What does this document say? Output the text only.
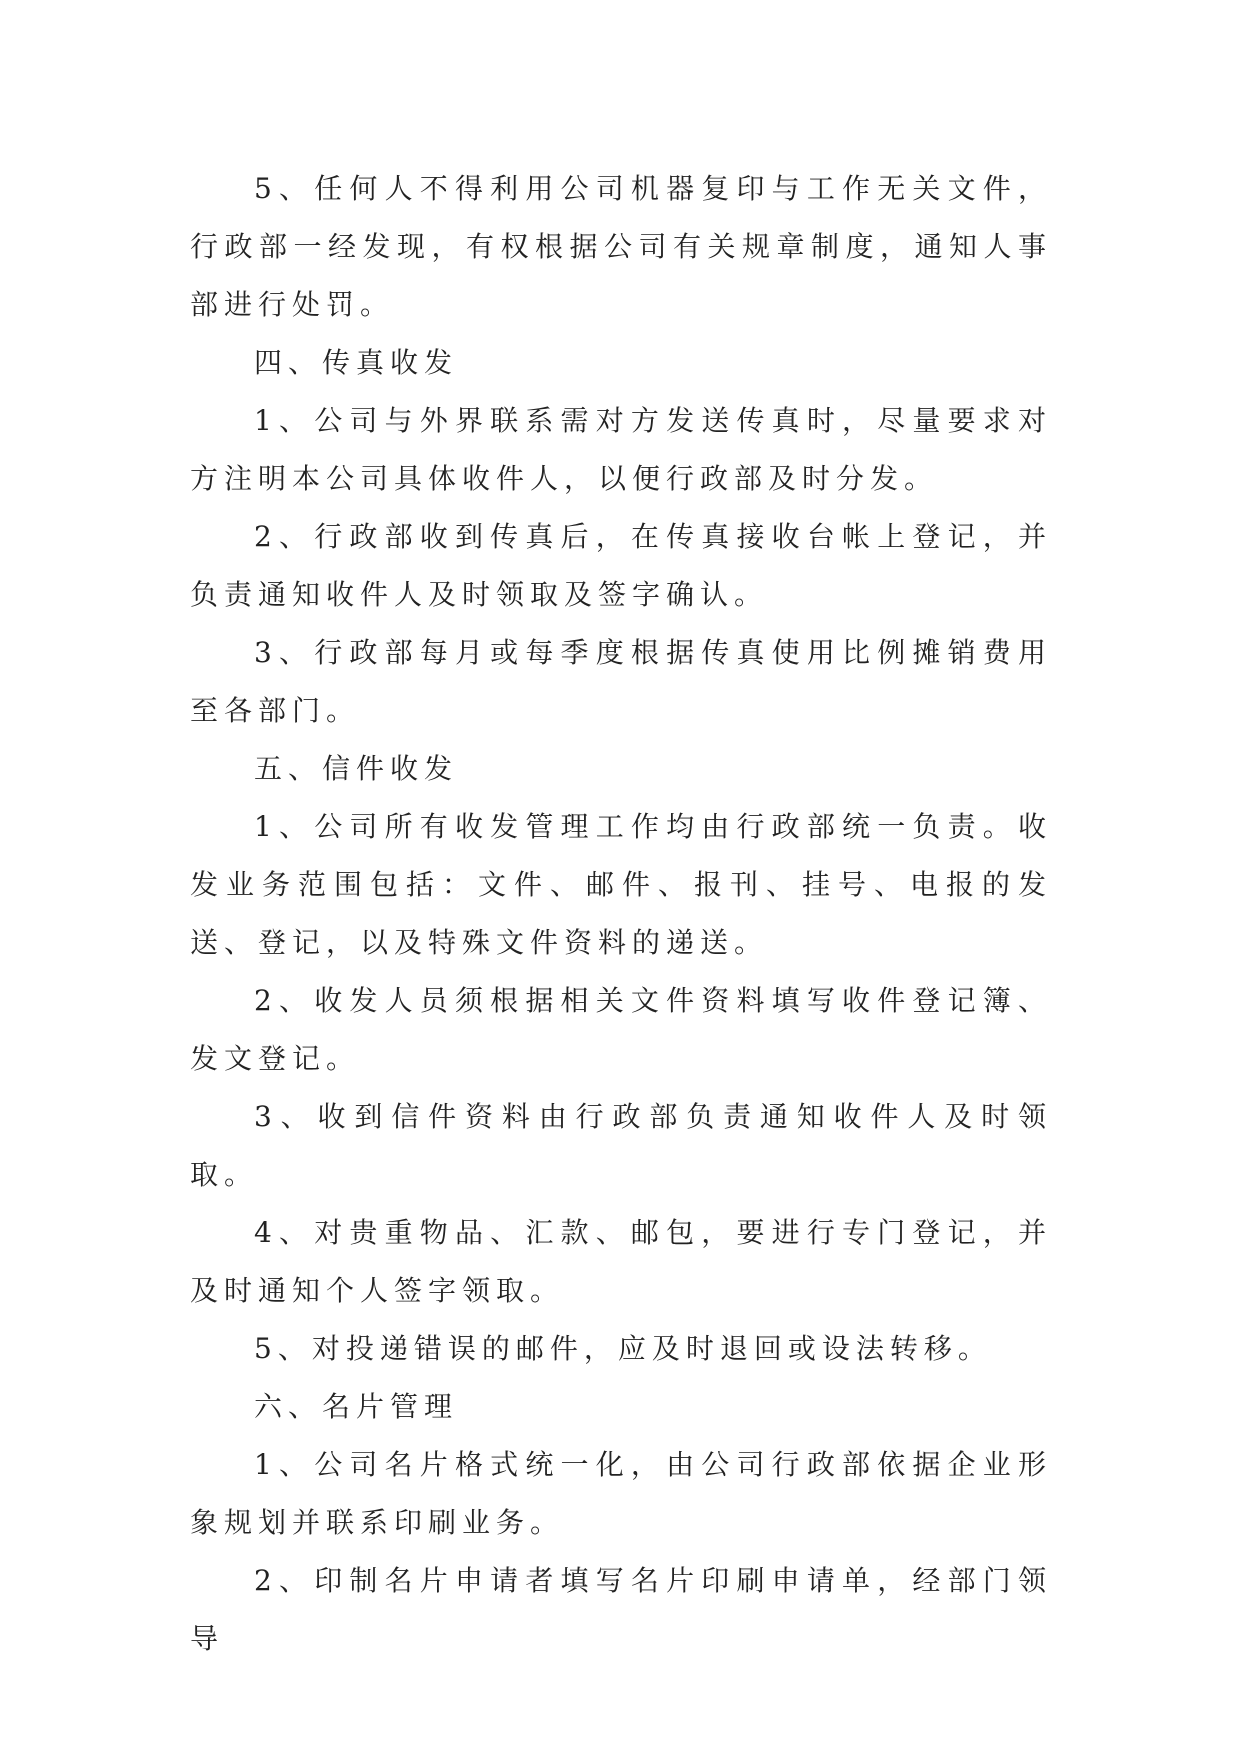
5、任何人不得利用公司机器复印与工作无关文件，行政部一经发现，有权根据公司有关规章制度，通知人事部进行处罚。

四、传真收发

1、公司与外界联系需对方发送传真时，尽量要求对方注明本公司具体收件人，以便行政部及时分发。

2、行政部收到传真后，在传真接收台帐上登记，并负责通知收件人及时领取及签字确认。

3、行政部每月或每季度根据传真使用比例摊销费用至各部门。

五、信件收发

1、公司所有收发管理工作均由行政部统一负责。收发业务范围包括：文件、邮件、报刊、挂号、电报的发送、登记，以及特殊文件资料的递送。

2、收发人员须根据相关文件资料填写收件登记簿、发文登记。

3、收到信件资料由行政部负责通知收件人及时领取。

4、对贵重物品、汇款、邮包，要进行专门登记，并及时通知个人签字领取。

5、对投递错误的邮件，应及时退回或设法转移。

六、名片管理

1、公司名片格式统一化，由公司行政部依据企业形象规划并联系印刷业务。

2、印制名片申请者填写名片印刷申请单，经部门领导
